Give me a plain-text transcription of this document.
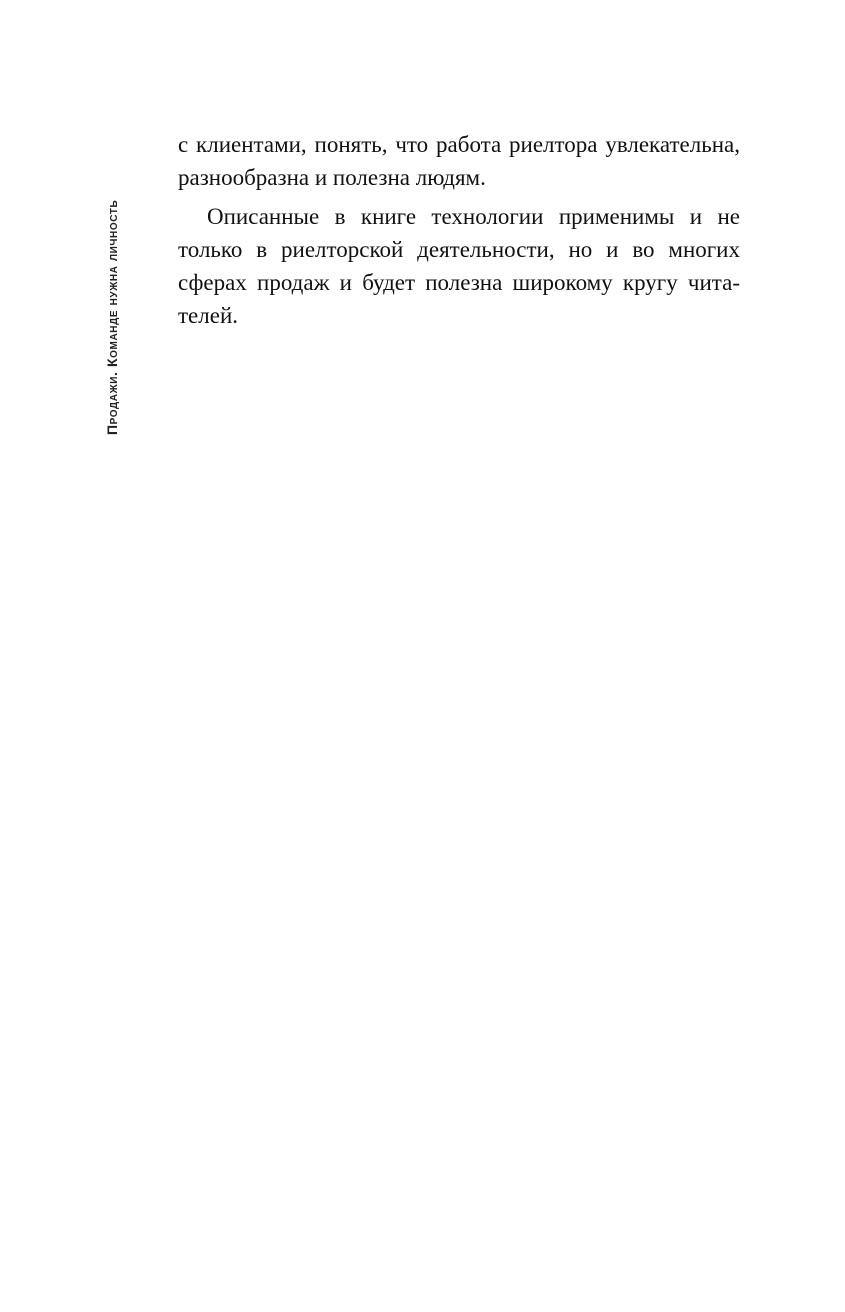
Продажи. Команде нужна личность
с клиентами, понять, что работа риелтора увлекательна,
разнообразна и полезна людям.
Описанные в книге технологии применимы и не
только в риелторской деятельности, но и во многих
сферах продаж и будет полезна широкому кругу чита-
телей.
